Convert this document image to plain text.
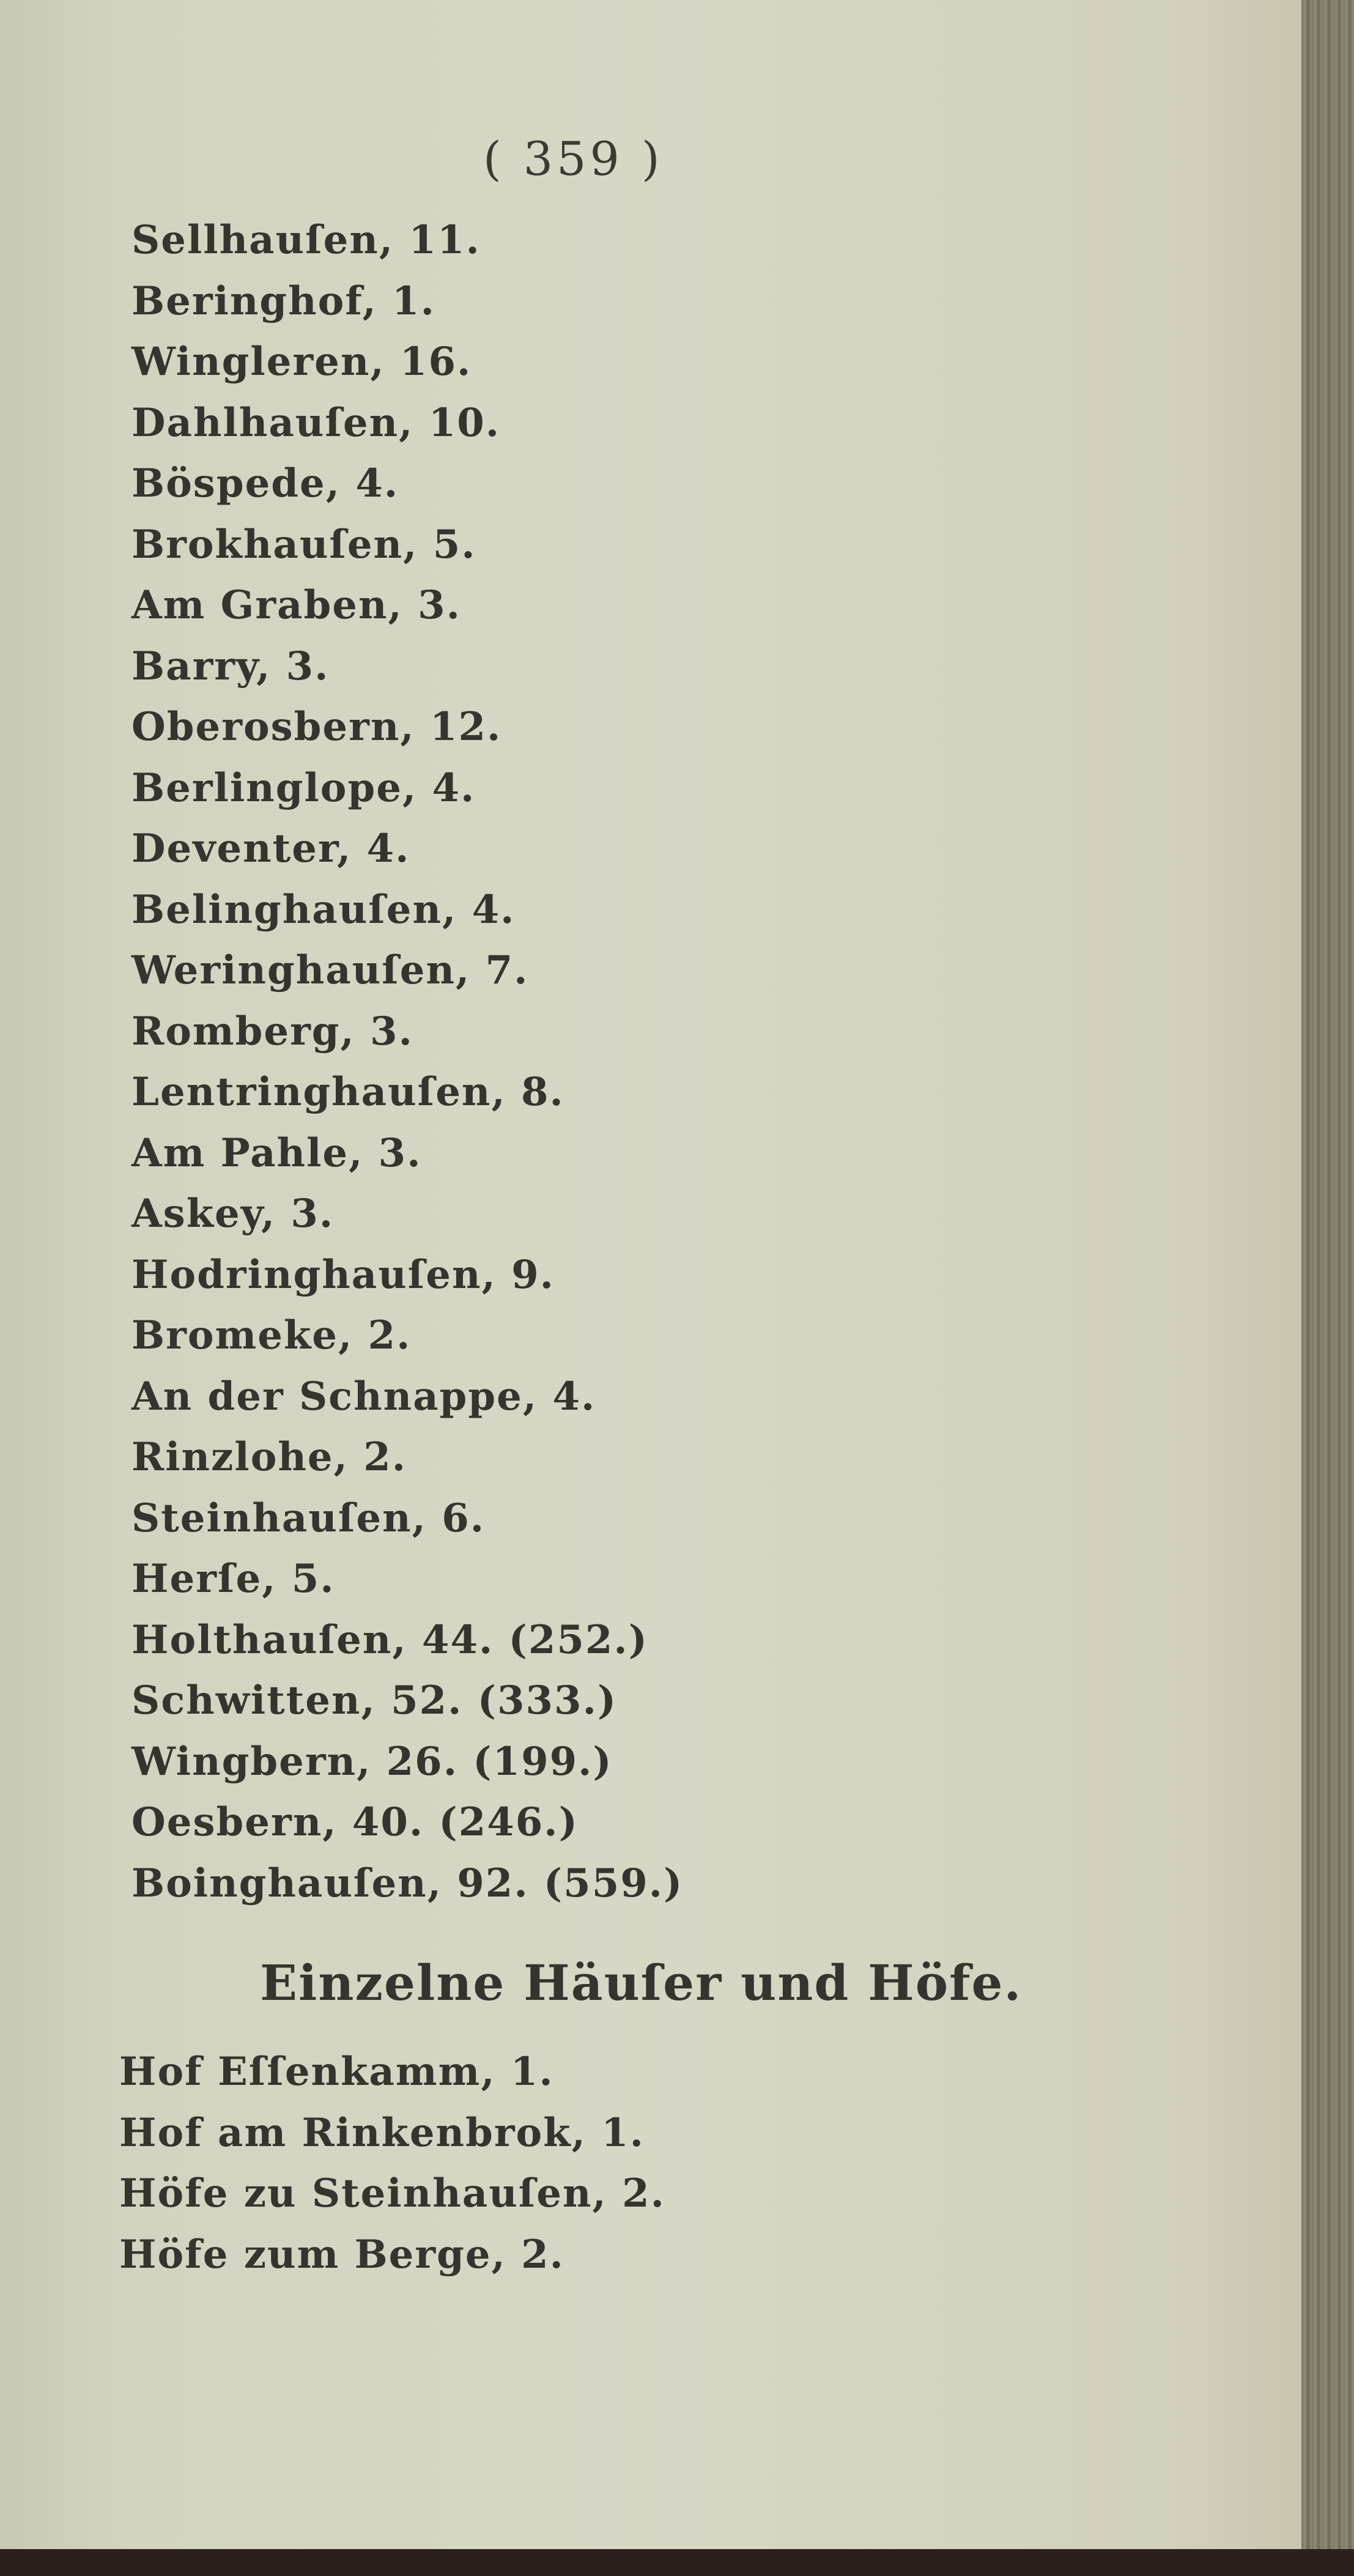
( 359 )
Sellhauſen, 11.
Beringhof, 1.
Wingleren, 16.
Dahlhauſen, 10.
Böspede, 4.
Brokhauſen, 5.
Am Graben, 3.
Barry, 3.
Oberosbern, 12.
Berlinglope, 4.
Deventer, 4.
Belinghauſen, 4.
Weringhauſen, 7.
Romberg, 3.
Lentringhauſen, 8.
Am Pahle, 3.
Askey, 3.
Hodringhauſen, 9.
Bromeke, 2.
An der Schnappe, 4.
Rinzlohe, 2.
Steinhauſen, 6.
Herſe, 5.
Holthauſen, 44. (252.)
Schwitten, 52. (333.)
Wingbern, 26. (199.)
Oesbern, 40. (246.)
Boinghauſen, 92. (559.)
Einzelne Häuſer und Höfe.
Hof Eſſenkamm, 1.
Hof am Rinkenbrok, 1.
Höfe zu Steinhauſen, 2.
Höfe zum Berge, 2.
